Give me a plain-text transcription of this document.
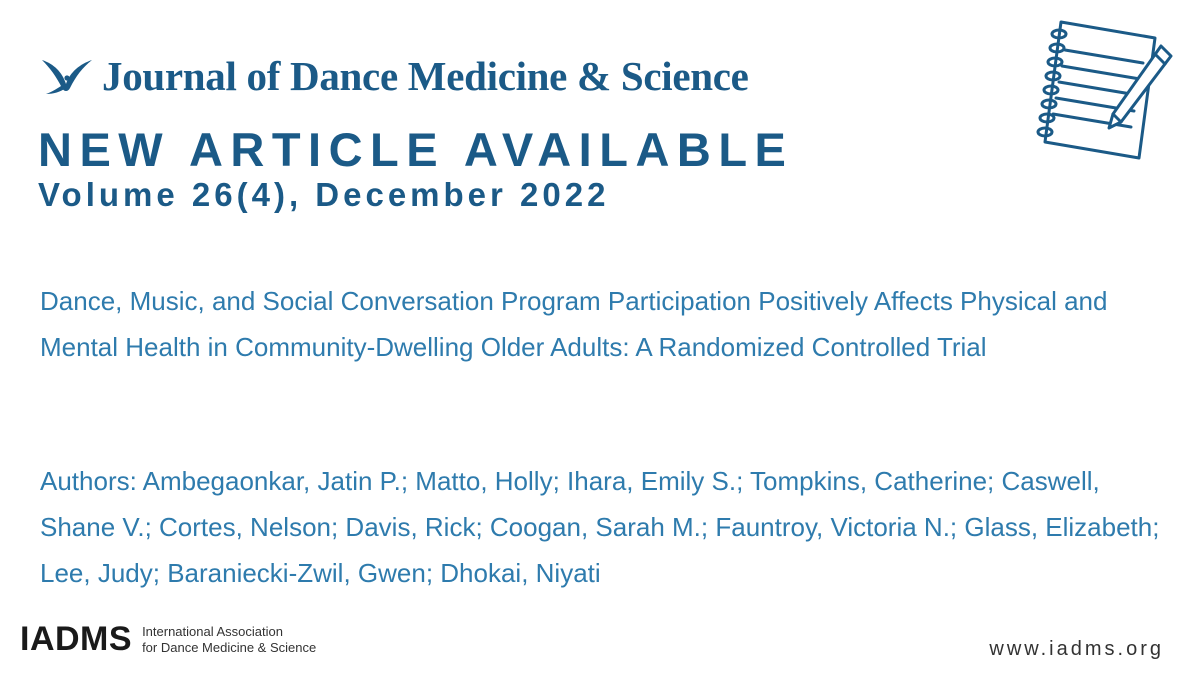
Journal of Dance Medicine & Science
NEW ARTICLE AVAILABLE
Volume 26(4), December 2022
Dance, Music, and Social Conversation Program Participation Positively Affects Physical and Mental Health in Community-Dwelling Older Adults: A Randomized Controlled Trial
Authors: Ambegaonkar, Jatin P.; Matto, Holly; Ihara, Emily S.; Tompkins, Catherine; Caswell, Shane V.; Cortes, Nelson; Davis, Rick; Coogan, Sarah M.; Fauntroy, Victoria N.; Glass, Elizabeth; Lee, Judy; Baraniecki-Zwil, Gwen; Dhokai, Niyati
IADMS International Association
for Dance Medicine & Science	www.iadms.org
